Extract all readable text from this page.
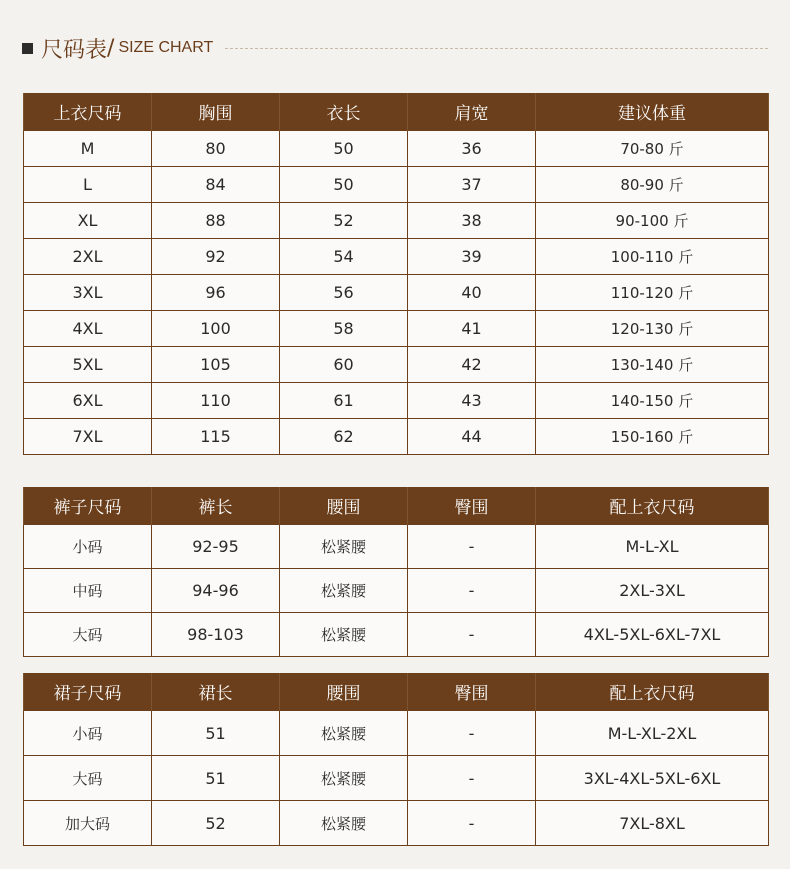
尺码表 / SIZE CHART
上衣尺码	胸围	衣长	肩宽	建议体重
M	80	50	36	70-80 斤
L	84	50	37	80-90 斤
XL	88	52	38	90-100 斤
2XL	92	54	39	100-110 斤
3XL	96	56	40	110-120 斤
4XL	100	58	41	120-130 斤
5XL	105	60	42	130-140 斤
6XL	110	61	43	140-150 斤
7XL	115	62	44	150-160 斤
裤子尺码	裤长	腰围	臀围	配上衣尺码
小码	92-95	松紧腰	-	M-L-XL
中码	94-96	松紧腰	-	2XL-3XL
大码	98-103	松紧腰	-	4XL-5XL-6XL-7XL
裙子尺码	裙长	腰围	臀围	配上衣尺码
小码	51	松紧腰	-	M-L-XL-2XL
大码	51	松紧腰	-	3XL-4XL-5XL-6XL
加大码	52	松紧腰	-	7XL-8XL
